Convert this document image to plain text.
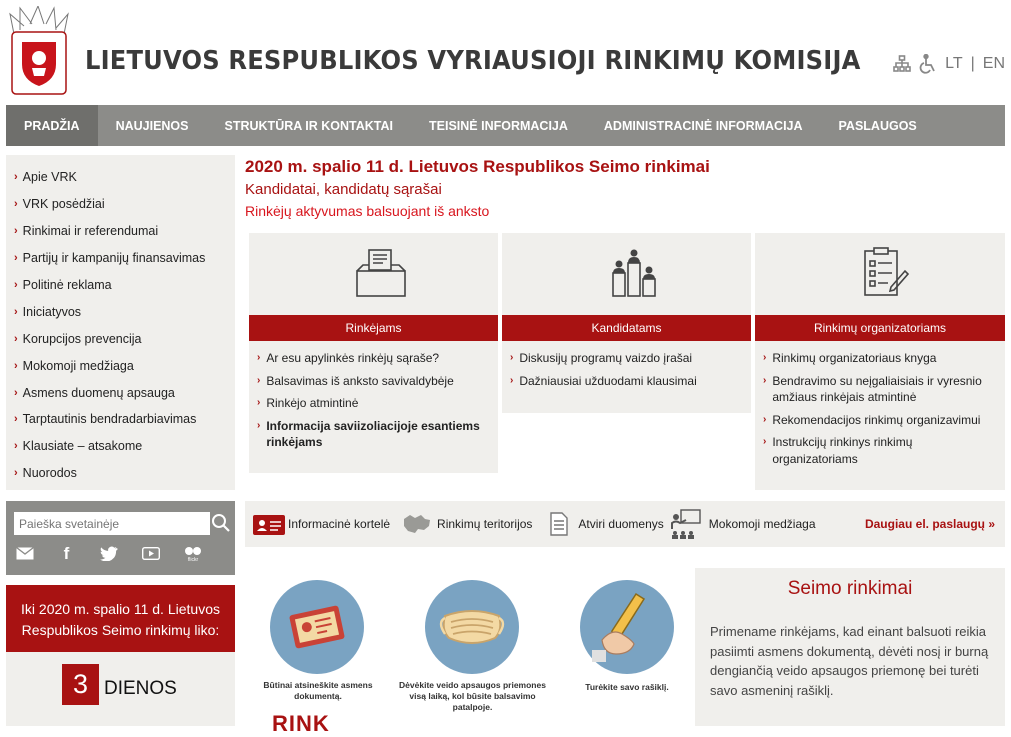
LIETUVOS RESPUBLIKOS VYRIAUSIOJI RINKIMŲ KOMISIJA	LT | EN
PRADŽIA	NAUJIENOS	STRUKTŪRA IR KONTAKTAI	TEISINĖ INFORMACIJA	ADMINISTRACINĖ INFORMACIJA	PASLAUGOS
› Apie VRK
› VRK posėdžiai
› Rinkimai ir referendumai
› Partijų ir kampanijų finansavimas
› Politinė reklama
› Iniciatyvos
› Korupcijos prevencija
› Mokomoji medžiaga
› Asmens duomenų apsauga
› Tarptautinis bendradarbiavimas
› Klausiate – atsakome
› Nuorodos
Paieška svetainėje
f	flickr
Iki 2020 m. spalio 11 d. Lietuvos Respublikos Seimo rinkimų liko:
3 DIENOS
2020 m. spalio 11 d. Lietuvos Respublikos Seimo rinkimai
Kandidatai, kandidatų sąrašai
Rinkėjų aktyvumas balsuojant iš anksto
Rinkėjams
› Ar esu apylinkės rinkėjų sąraše?
› Balsavimas iš anksto savivaldybėje
› Rinkėjo atmintinė
› Informacija saviizoliacijoje esantiems rinkėjams
Kandidatams
› Diskusijų programų vaizdo įrašai
› Dažniausiai užduodami klausimai
Rinkimų organizatoriams
› Rinkimų organizatoriaus knyga
› Bendravimo su neįgaliaisiais ir vyresnio amžiaus rinkėjais atmintinė
› Rekomendacijos rinkimų organizavimui
› Instrukcijų rinkinys rinkimų organizatoriams
Informacinė kortelė	Rinkimų teritorijos	Atviri duomenys	Mokomoji medžiaga	Daugiau el. paslaugų »
Būtinai atsineškite asmens dokumentą.
Dėvėkite veido apsaugos priemones visą laiką, kol būsite balsavimo patalpoje.
Turėkite savo rašiklį.
RINK
Seimo rinkimai

Primename rinkėjams, kad einant balsuoti reikia pasiimti asmens dokumentą, dėvėti nosį ir burną dengiančią veido apsaugos priemonę bei turėti savo asmeninį rašiklį.
